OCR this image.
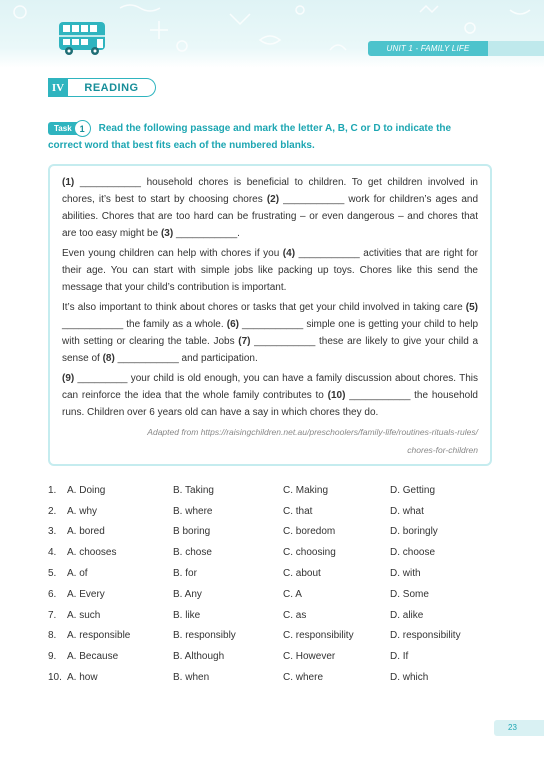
UNIT 1 - FAMILY LIFE
IV	READING
Task 1	Read the following passage and mark the letter A, B, C or D to indicate the
correct word that best fits each of the numbered blanks.
(1) ___________ household chores is beneficial to children. To get children involved in chores, it’s best to start by choosing chores (2) ___________ work for children’s ages and abilities. Chores that are too hard can be frustrating – or even dangerous – and chores that are too easy might be (3) ___________.
Even young children can help with chores if you (4) ___________ activities that are right for their age. You can start with simple jobs like packing up toys. Chores like this send the message that your child’s contribution is important.
It’s also important to think about chores or tasks that get your child involved in taking care (5) ___________ the family as a whole. (6) ___________ simple one is getting your child to help with setting or clearing the table. Jobs (7) ___________ these are likely to give your child a sense of (8) ___________ and participation.
(9) _________ your child is old enough, you can have a family discussion about chores. This can reinforce the idea that the whole family contributes to (10) ___________ the household runs. Children over 6 years old can have a say in which chores they do.
Adapted from https://raisingchildren.net.au/preschoolers/family-life/routines-rituals-rules/
chores-for-children
1.	A. Doing	B. Taking	C. Making	D. Getting
2.	A. why	B. where	C. that	D. what
3.	A. bored	B boring	C. boredom	D. boringly
4.	A. chooses	B. chose	C. choosing	D. choose
5.	A. of	B. for	C. about	D. with
6.	A. Every	B. Any	C. A	D. Some
7.	A. such	B. like	C. as	D. alike
8.	A. responsible	B. responsibly	C. responsibility	D. responsibility
9.	A. Because	B. Although	C. However	D. If
10. A. how	B. when	C. where	D. which
23
